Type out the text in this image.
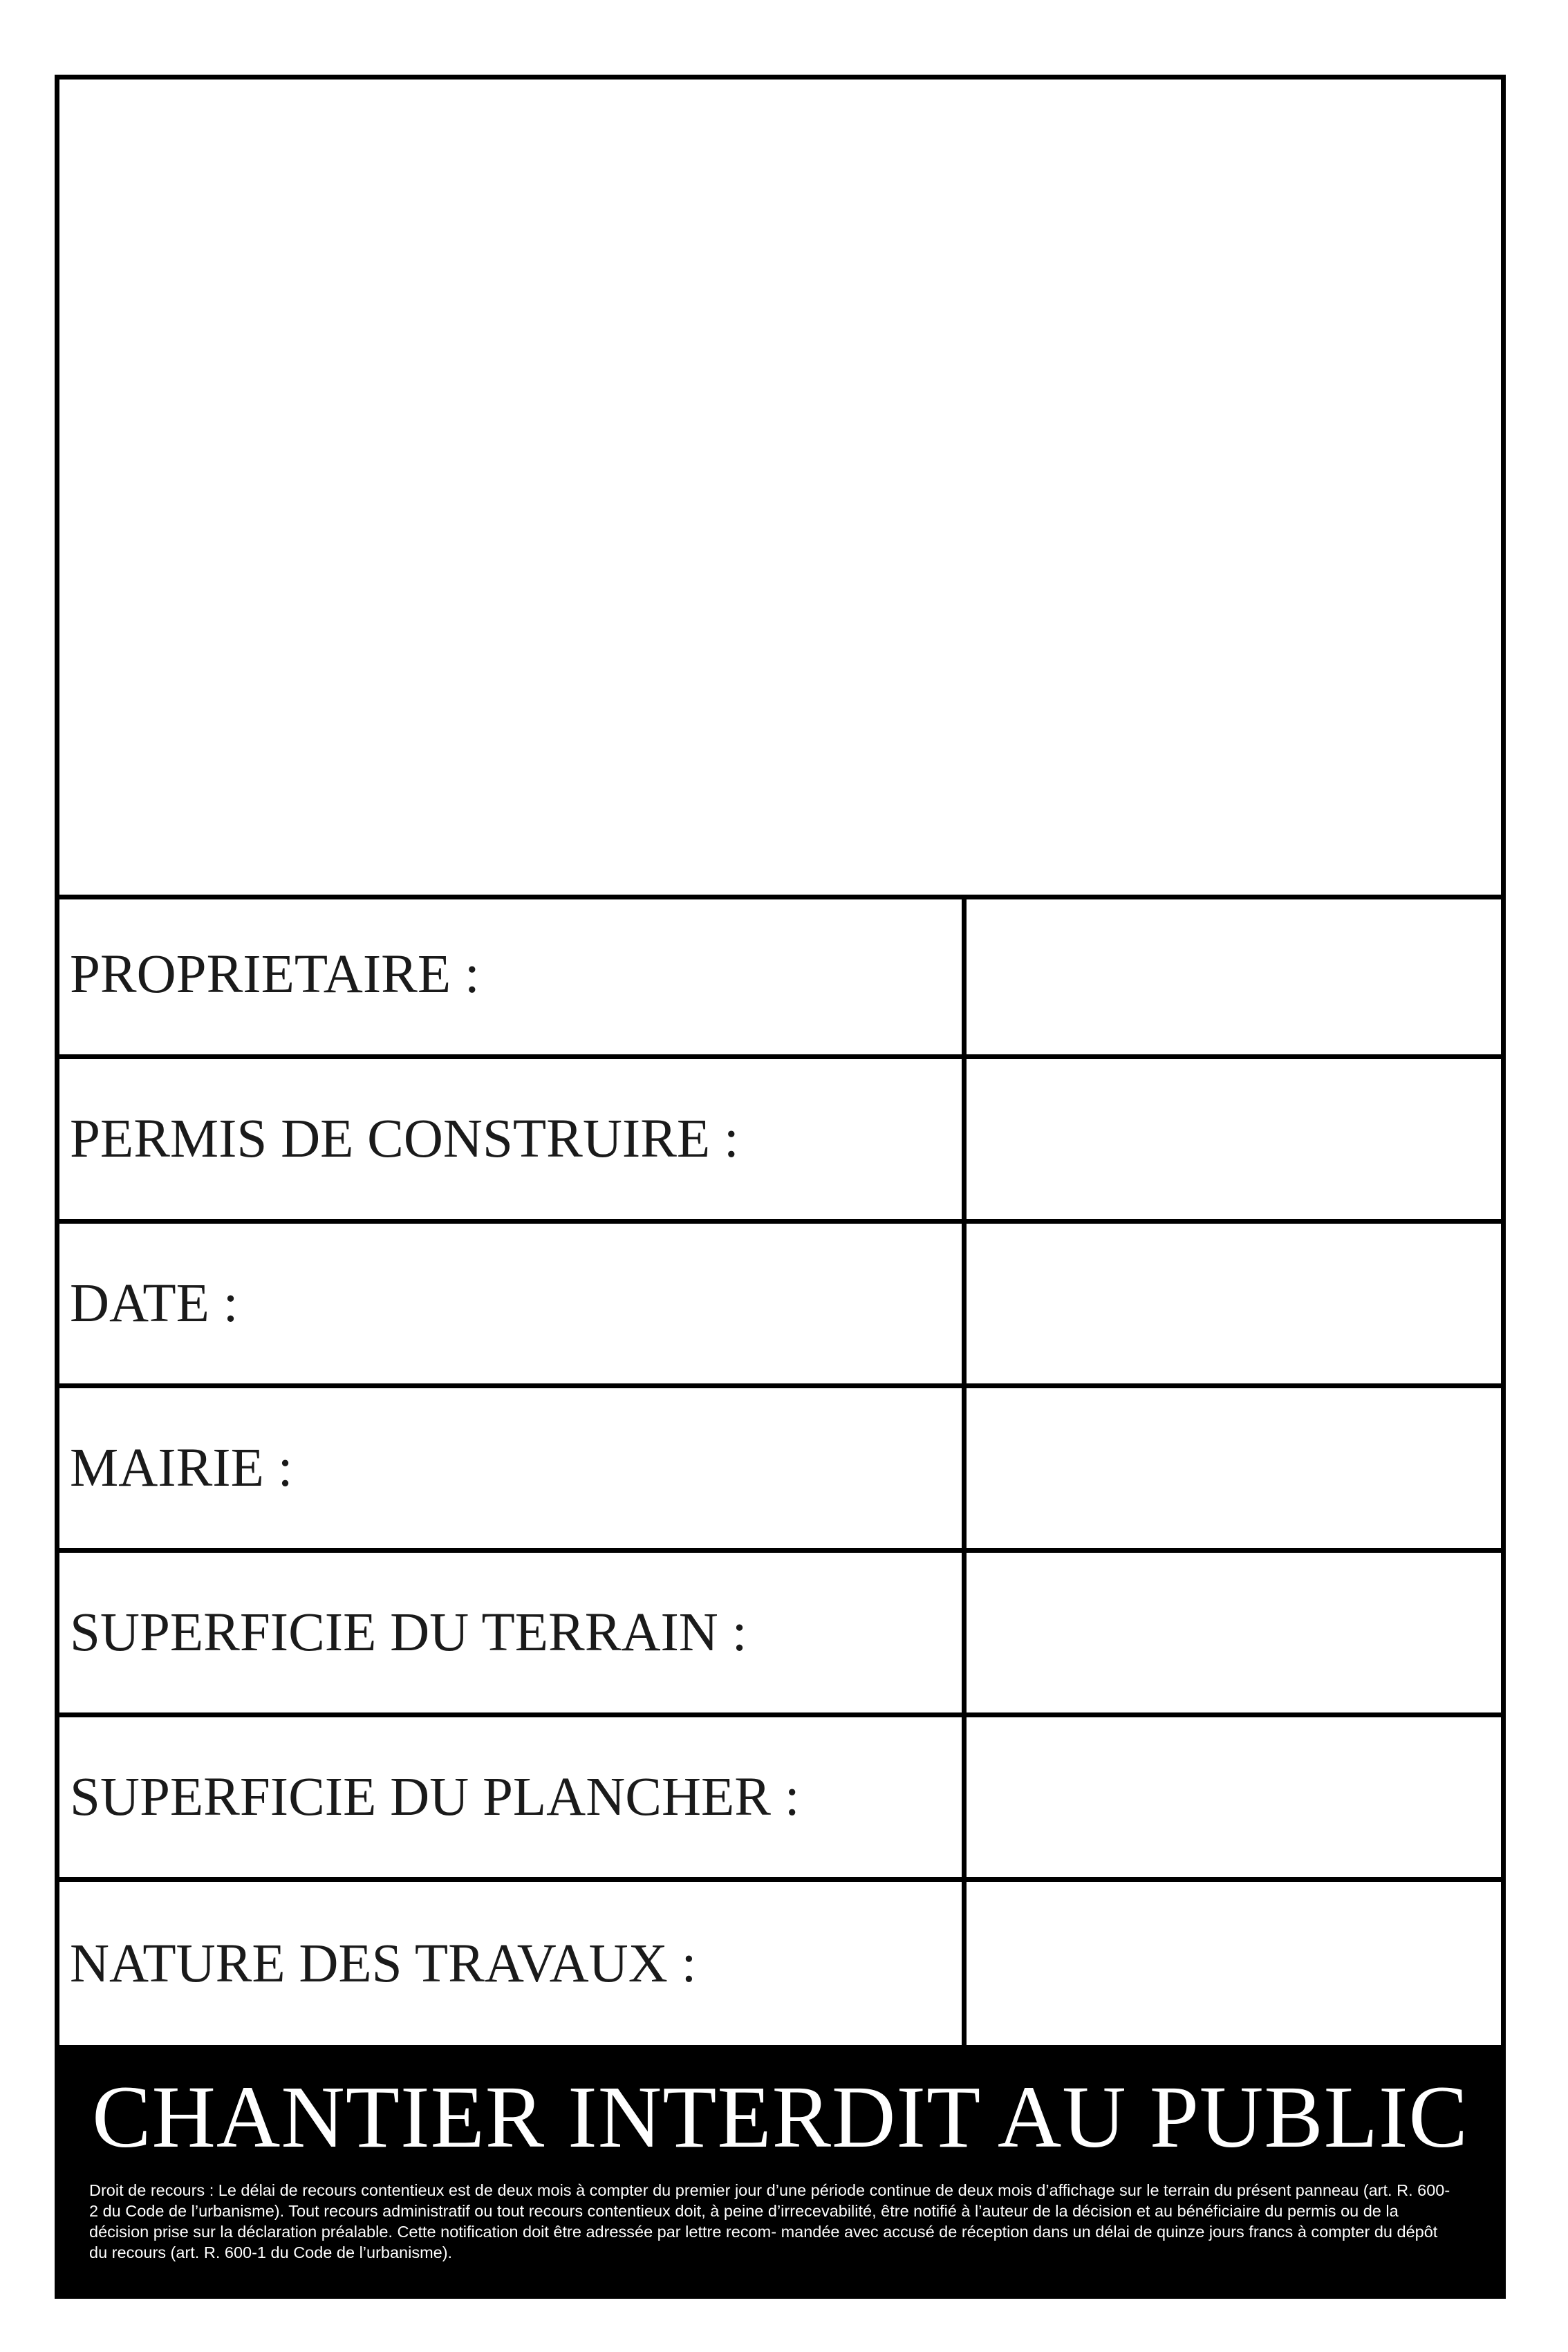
PROPRIETAIRE :
PERMIS DE CONSTRUIRE :
DATE :
MAIRIE :
SUPERFICIE DU TERRAIN :
SUPERFICIE DU PLANCHER :
NATURE DES TRAVAUX :
CHANTIER INTERDIT AU PUBLIC
Droit de recours : Le délai de recours contentieux est de deux mois à compter du premier jour d’une période continue de deux mois d’affichage sur le terrain du présent panneau (art. R. 600-2 du Code de l’urbanisme). Tout recours administratif ou tout recours contentieux doit, à peine d’irrecevabilité, être notifié à l’auteur de la décision et au bénéficiaire du permis ou de la décision prise sur la déclaration préalable. Cette notification doit être adressée par lettre recom- mandée avec accusé de réception dans un délai de quinze jours francs à compter du dépôt du recours (art. R. 600-1 du Code de l’urbanisme).
